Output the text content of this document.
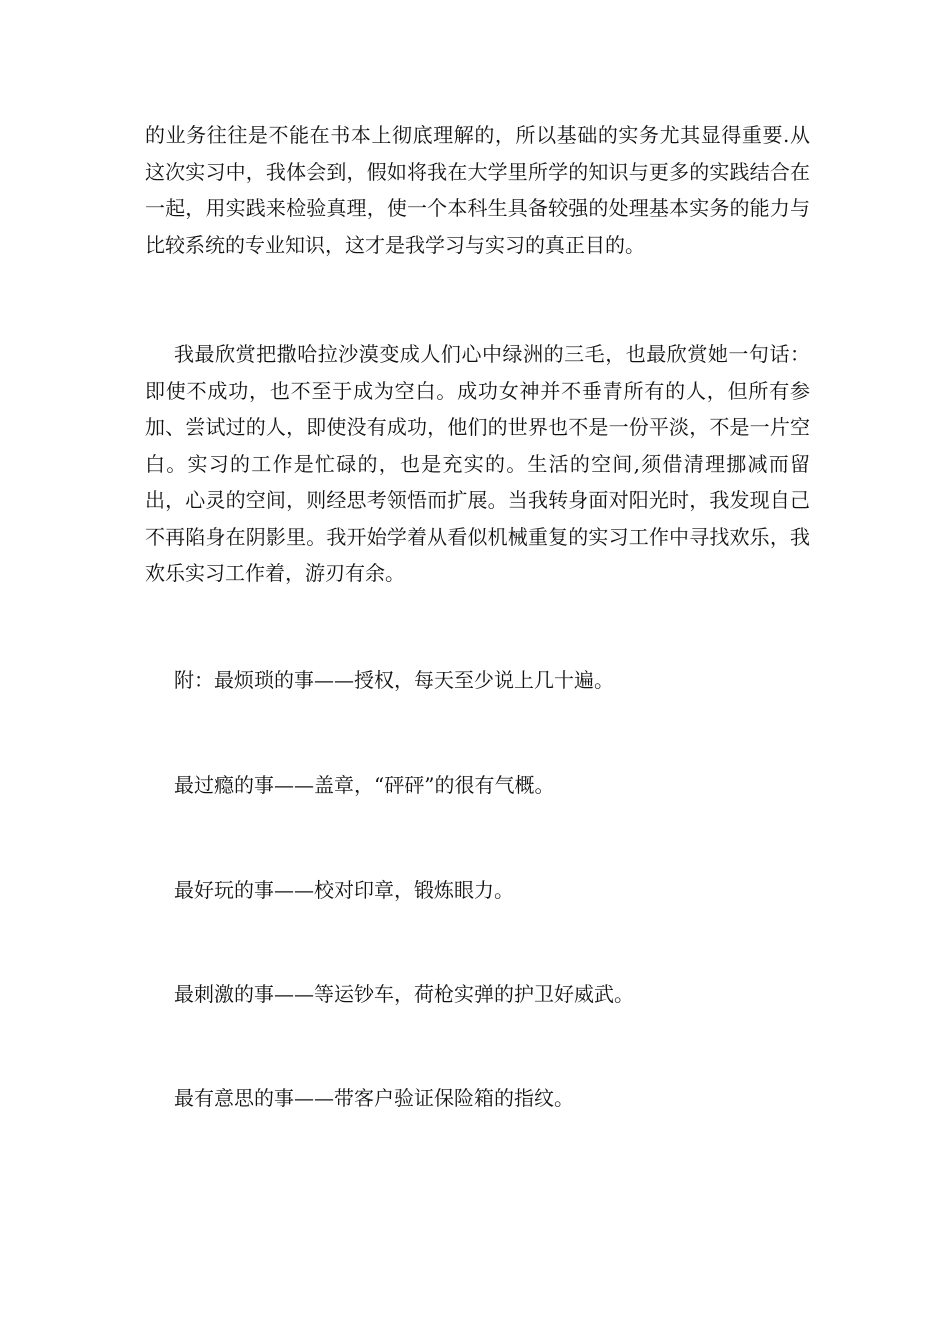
的业务往往是不能在书本上彻底理解的，所以基础的实务尤其显得重要.从这次实习中，我体会到，假如将我在大学里所学的知识与更多的实践结合在一起，用实践来检验真理，使一个本科生具备较强的处理基本实务的能力与比较系统的专业知识，这才是我学习与实习的真正目的。

我最欣赏把撒哈拉沙漠变成人们心中绿洲的三毛，也最欣赏她一句话：即使不成功，也不至于成为空白。成功女神并不垂青所有的人，但所有参加、尝试过的人，即使没有成功，他们的世界也不是一份平淡，不是一片空白。实习的工作是忙碌的，也是充实的。生活的空间,须借清理挪减而留出，心灵的空间，则经思考领悟而扩展。当我转身面对阳光时，我发现自己不再陷身在阴影里。我开始学着从看似机械重复的实习工作中寻找欢乐，我欢乐实习工作着，游刃有余。

附：最烦琐的事——授权，每天至少说上几十遍。

最过瘾的事——盖章，“砰砰”的很有气概。

最好玩的事——校对印章，锻炼眼力。

最刺激的事——等运钞车，荷枪实弹的护卫好威武。

最有意思的事——带客户验证保险箱的指纹。
